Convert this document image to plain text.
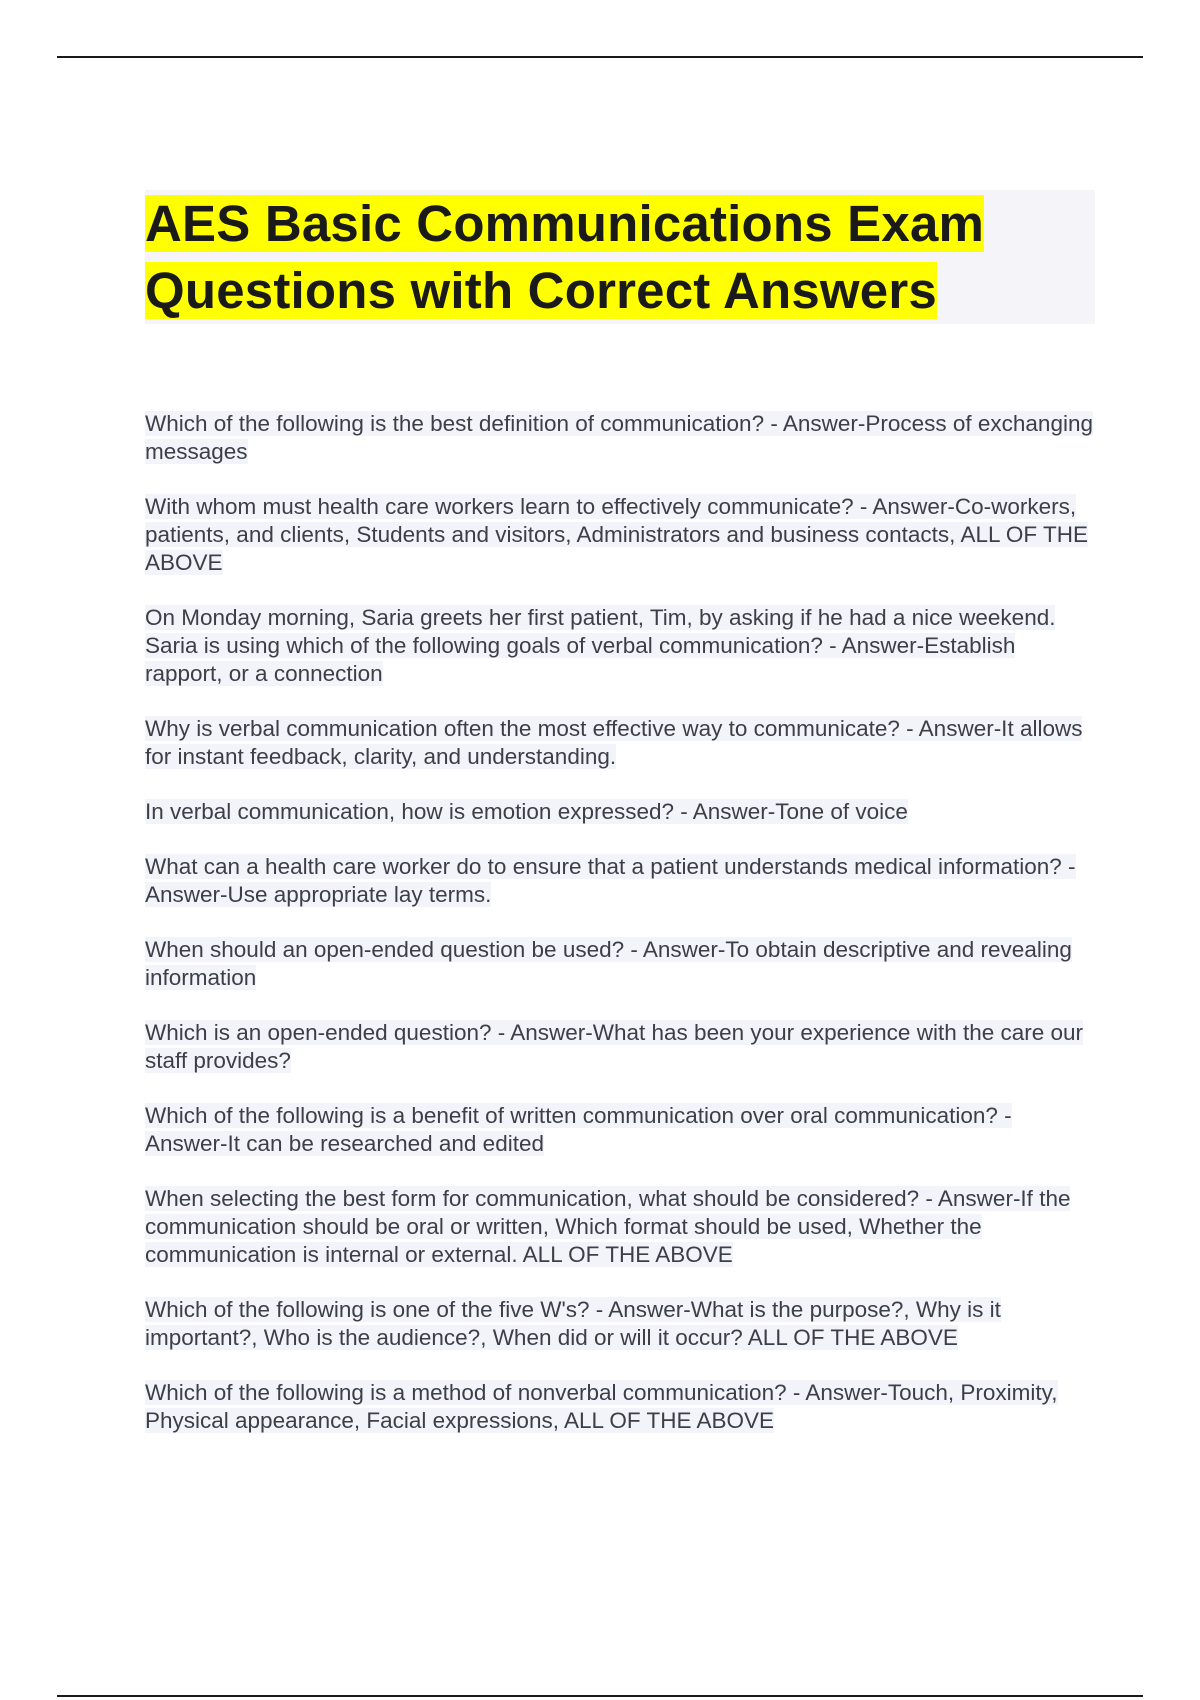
AES Basic Communications Exam Questions with Correct Answers

Which of the following is the best definition of communication? - Answer-Process of exchanging messages

With whom must health care workers learn to effectively communicate? - Answer-Co-workers, patients, and clients, Students and visitors, Administrators and business contacts, ALL OF THE ABOVE

On Monday morning, Saria greets her first patient, Tim, by asking if he had a nice weekend. Saria is using which of the following goals of verbal communication? - Answer-Establish rapport, or a connection

Why is verbal communication often the most effective way to communicate? - Answer-It allows for instant feedback, clarity, and understanding.

In verbal communication, how is emotion expressed? - Answer-Tone of voice

What can a health care worker do to ensure that a patient understands medical information? - Answer-Use appropriate lay terms.

When should an open-ended question be used? - Answer-To obtain descriptive and revealing information

Which is an open-ended question? - Answer-What has been your experience with the care our staff provides?

Which of the following is a benefit of written communication over oral communication? - Answer-It can be researched and edited

When selecting the best form for communication, what should be considered? - Answer-If the communication should be oral or written, Which format should be used, Whether the communication is internal or external. ALL OF THE ABOVE

Which of the following is one of the five W's? - Answer-What is the purpose?, Why is it important?, Who is the audience?, When did or will it occur? ALL OF THE ABOVE

Which of the following is a method of nonverbal communication? - Answer-Touch, Proximity, Physical appearance, Facial expressions, ALL OF THE ABOVE
